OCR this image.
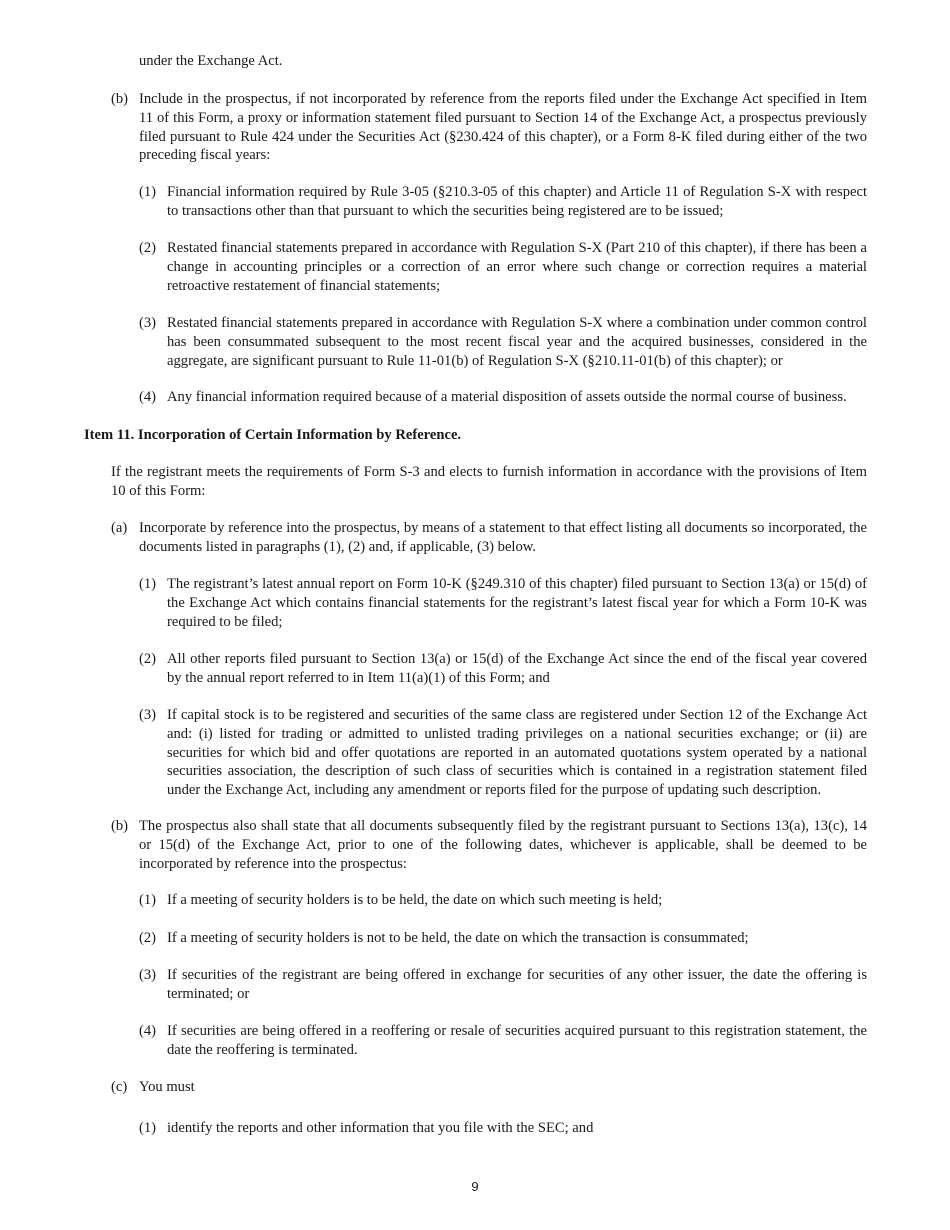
under the Exchange Act.
(b) Include in the prospectus, if not incorporated by reference from the reports filed under the Exchange Act specified in Item 11 of this Form, a proxy or information statement filed pursuant to Section 14 of the Exchange Act, a prospectus previously filed pursuant to Rule 424 under the Securities Act (§230.424 of this chapter), or a Form 8-K filed during either of the two preceding fiscal years:
(1) Financial information required by Rule 3-05 (§210.3-05 of this chapter) and Article 11 of Regulation S-X with respect to transactions other than that pursuant to which the securities being registered are to be issued;
(2) Restated financial statements prepared in accordance with Regulation S-X (Part 210 of this chapter), if there has been a change in accounting principles or a correction of an error where such change or correction requires a material retroactive restatement of financial statements;
(3) Restated financial statements prepared in accordance with Regulation S-X where a combination under common control has been consummated subsequent to the most recent fiscal year and the acquired businesses, considered in the aggregate, are significant pursuant to Rule 11-01(b) of Regulation S-X (§210.11-01(b) of this chapter); or
(4) Any financial information required because of a material disposition of assets outside the normal course of business.
Item 11. Incorporation of Certain Information by Reference.
If the registrant meets the requirements of Form S-3 and elects to furnish information in accordance with the provisions of Item 10 of this Form:
(a) Incorporate by reference into the prospectus, by means of a statement to that effect listing all documents so incorporated, the documents listed in paragraphs (1), (2) and, if applicable, (3) below.
(1) The registrant’s latest annual report on Form 10-K (§249.310 of this chapter) filed pursuant to Section 13(a) or 15(d) of the Exchange Act which contains financial statements for the registrant’s latest fiscal year for which a Form 10-K was required to be filed;
(2) All other reports filed pursuant to Section 13(a) or 15(d) of the Exchange Act since the end of the fiscal year covered by the annual report referred to in Item 11(a)(1) of this Form; and
(3) If capital stock is to be registered and securities of the same class are registered under Section 12 of the Exchange Act and: (i) listed for trading or admitted to unlisted trading privileges on a national securities exchange; or (ii) are securities for which bid and offer quotations are reported in an automated quotations system operated by a national securities association, the description of such class of securities which is contained in a registration statement filed under the Exchange Act, including any amendment or reports filed for the purpose of updating such description.
(b) The prospectus also shall state that all documents subsequently filed by the registrant pursuant to Sections 13(a), 13(c), 14 or 15(d) of the Exchange Act, prior to one of the following dates, whichever is applicable, shall be deemed to be incorporated by reference into the prospectus:
(1) If a meeting of security holders is to be held, the date on which such meeting is held;
(2) If a meeting of security holders is not to be held, the date on which the transaction is consummated;
(3) If securities of the registrant are being offered in exchange for securities of any other issuer, the date the offering is terminated; or
(4) If securities are being offered in a reoffering or resale of securities acquired pursuant to this registration statement, the date the reoffering is terminated.
(c) You must
(1) identify the reports and other information that you file with the SEC; and
9
